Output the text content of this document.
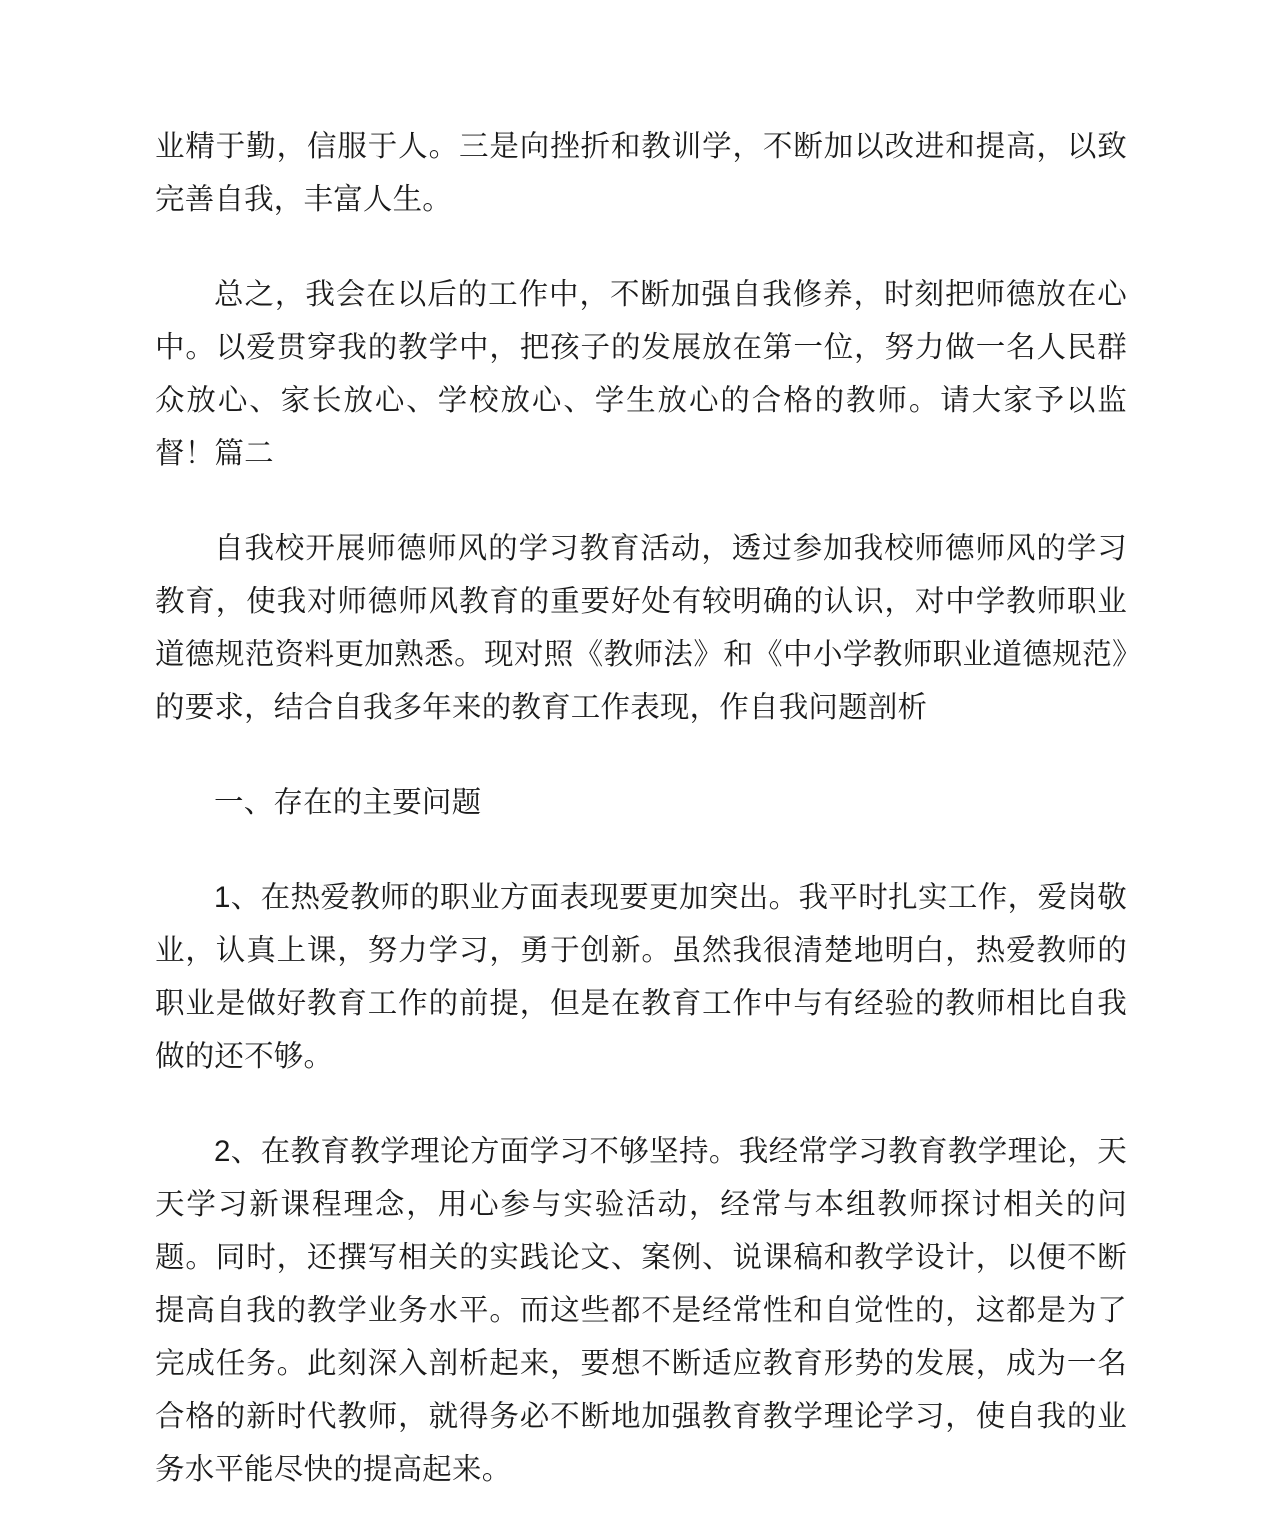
业精于勤，信服于人。三是向挫折和教训学，不断加以改进和提高，以致完善自我，丰富人生。

总之，我会在以后的工作中，不断加强自我修养，时刻把师德放在心中。以爱贯穿我的教学中，把孩子的发展放在第一位，努力做一名人民群众放心、家长放心、学校放心、学生放心的合格的教师。请大家予以监督！篇二

自我校开展师德师风的学习教育活动，透过参加我校师德师风的学习教育，使我对师德师风教育的重要好处有较明确的认识，对中学教师职业道德规范资料更加熟悉。现对照《教师法》和《中小学教师职业道德规范》的要求，结合自我多年来的教育工作表现，作自我问题剖析

一、存在的主要问题

1、在热爱教师的职业方面表现要更加突出。我平时扎实工作，爱岗敬业，认真上课，努力学习，勇于创新。虽然我很清楚地明白，热爱教师的职业是做好教育工作的前提，但是在教育工作中与有经验的教师相比自我做的还不够。

2、在教育教学理论方面学习不够坚持。我经常学习教育教学理论，天天学习新课程理念，用心参与实验活动，经常与本组教师探讨相关的问题。同时，还撰写相关的实践论文、案例、说课稿和教学设计，以便不断提高自我的教学业务水平。而这些都不是经常性和自觉性的，这都是为了完成任务。此刻深入剖析起来，要想不断适应教育形势的发展，成为一名合格的新时代教师，就得务必不断地加强教育教学理论学习，使自我的业务水平能尽快的提高起来。
